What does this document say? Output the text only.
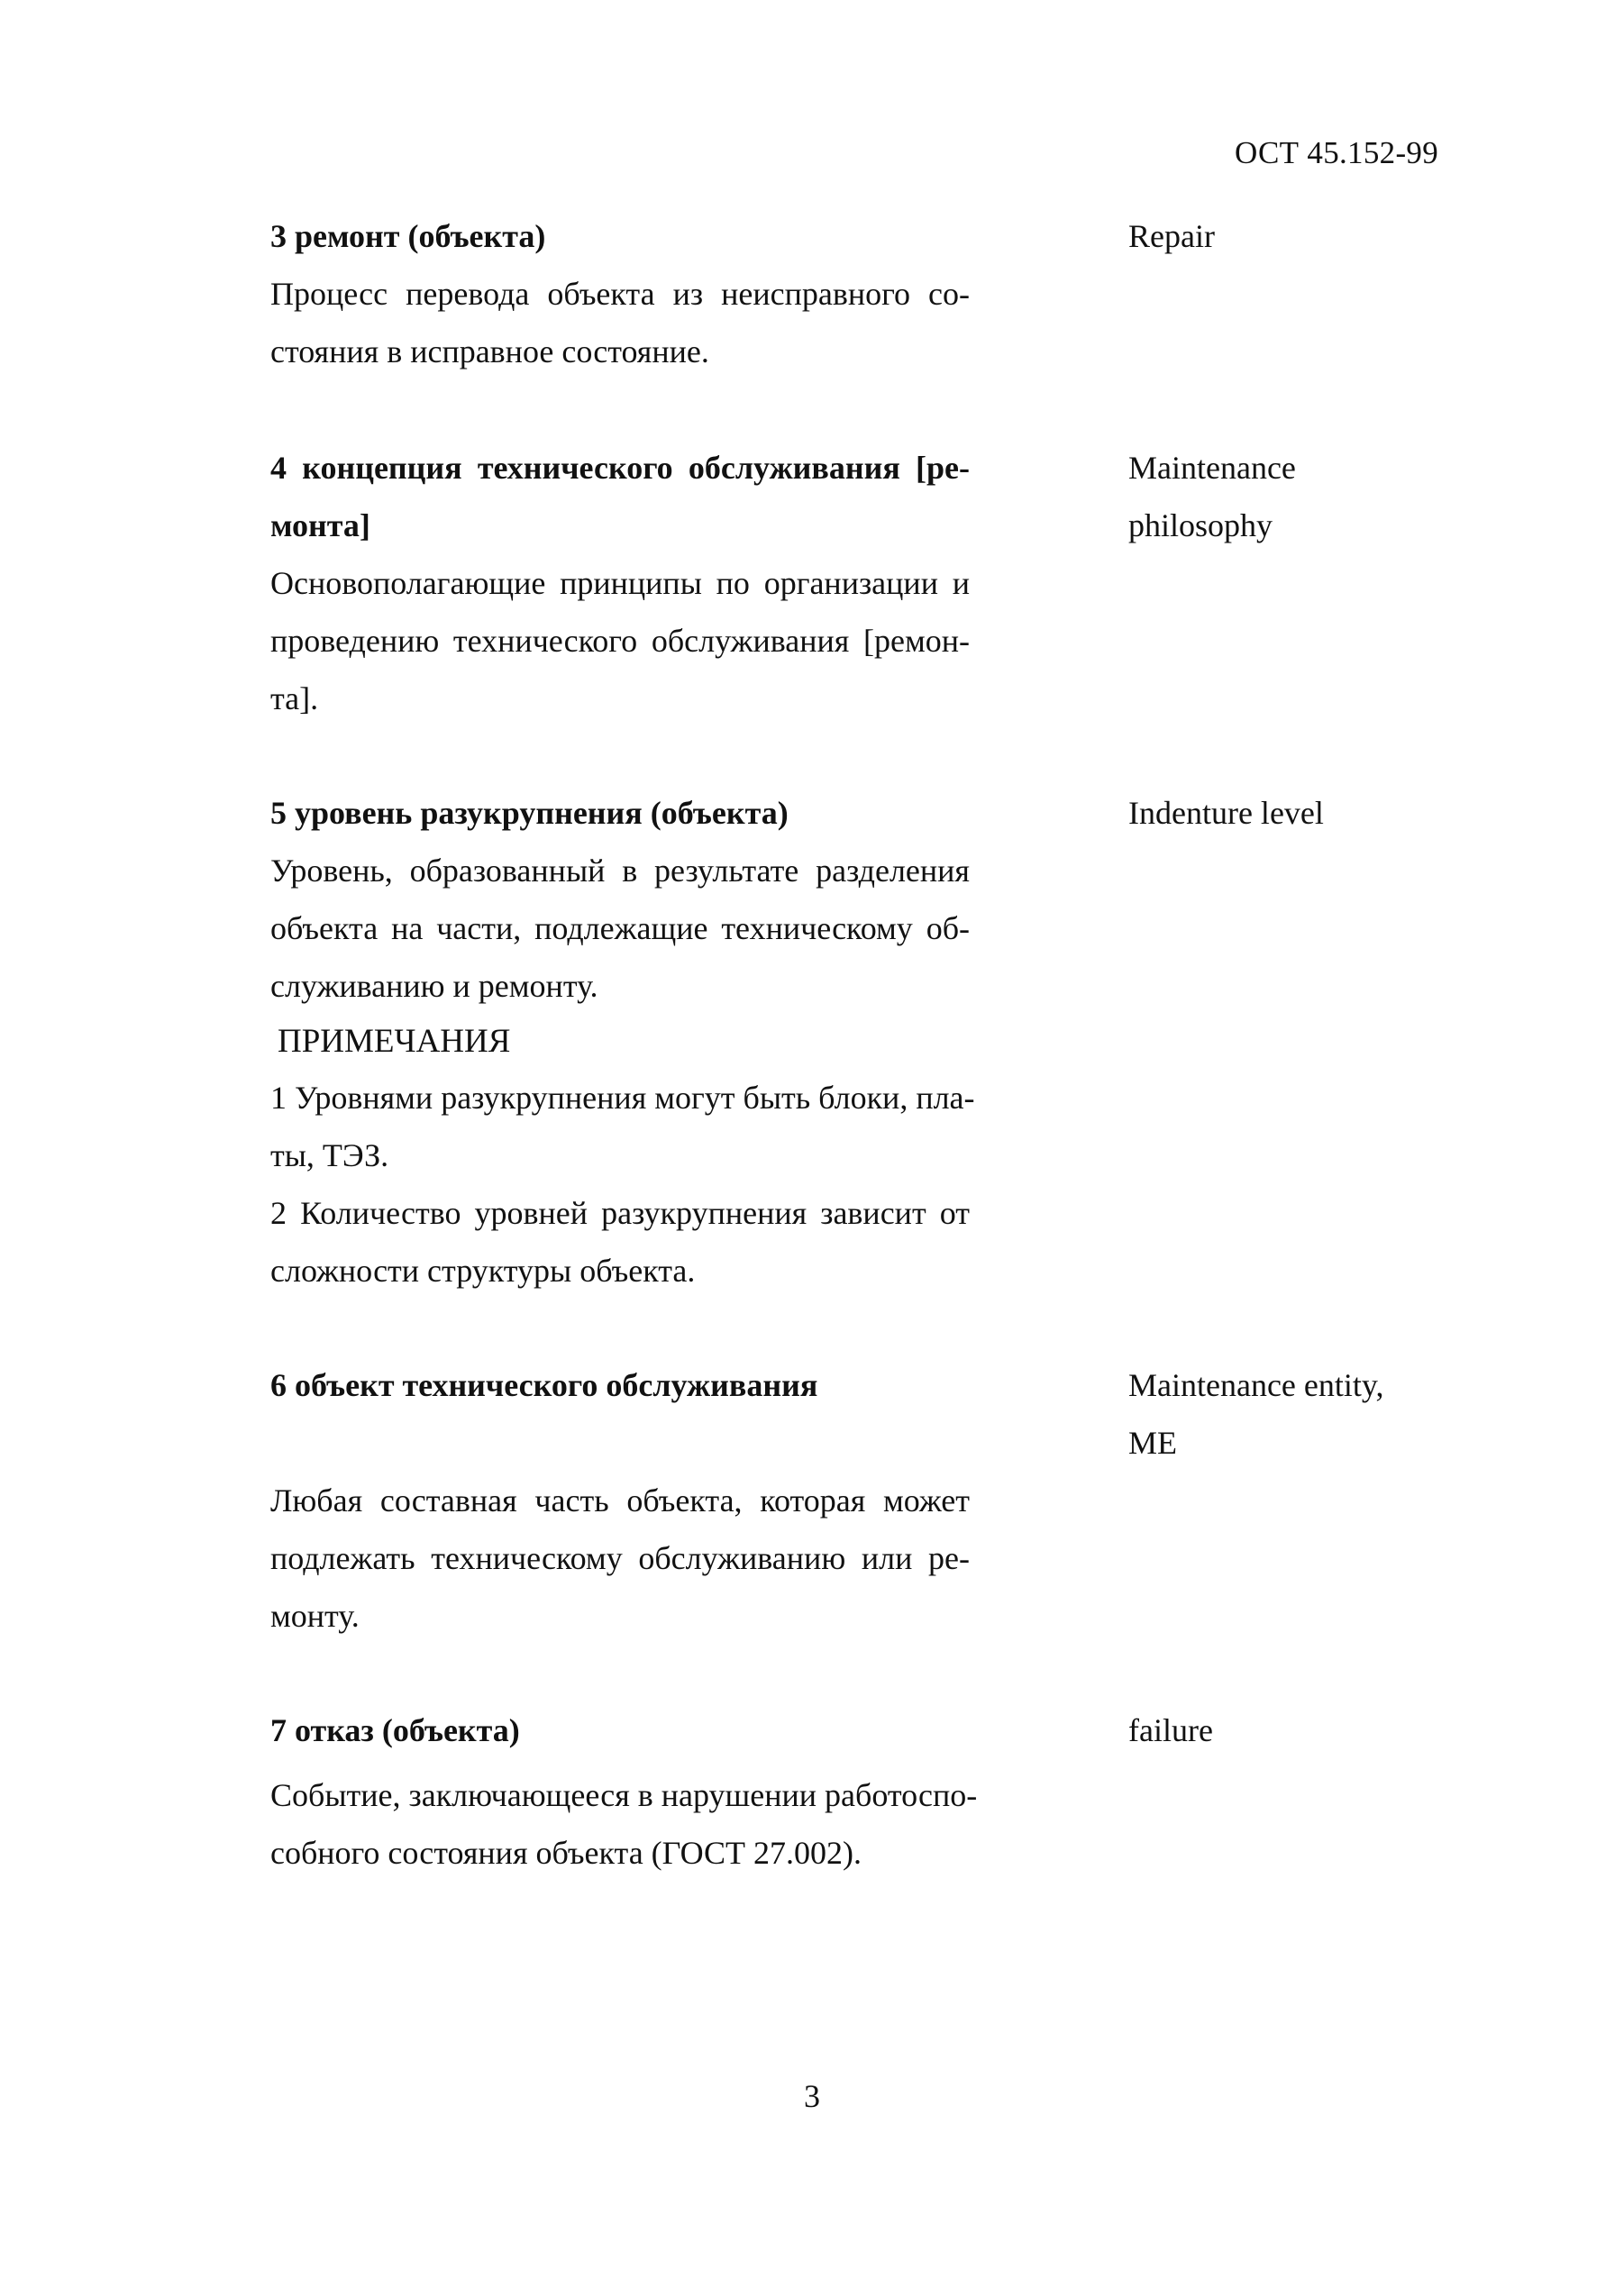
ОСТ 45.152-99
3 ремонт (объекта)
Процесс перевода объекта из неисправного со-
стояния в исправное состояние.
Repair
4 концепция технического обслуживания [ре-
монта]
Основополагающие принципы по организации и
проведению технического обслуживания [ремон-
та].
Maintenance
philosophy
5 уровень разукрупнения (объекта)
Уровень, образованный в результате разделения
объекта на части, подлежащие техническому об-
служиванию и ремонту.
ПРИМЕЧАНИЯ
1 Уровнями разукрупнения могут быть блоки, пла-
ты, ТЭЗ.
2 Количество уровней разукрупнения зависит от
сложности структуры объекта.
Indenture level
6 объект технического обслуживания
Любая составная часть объекта, которая может
подлежать техническому обслуживанию или ре-
монту.
Maintenance entity,
ME
7 отказ (объекта)
Событие, заключающееся в нарушении работоспо-
собного состояния объекта (ГОСТ 27.002).
failure
3
